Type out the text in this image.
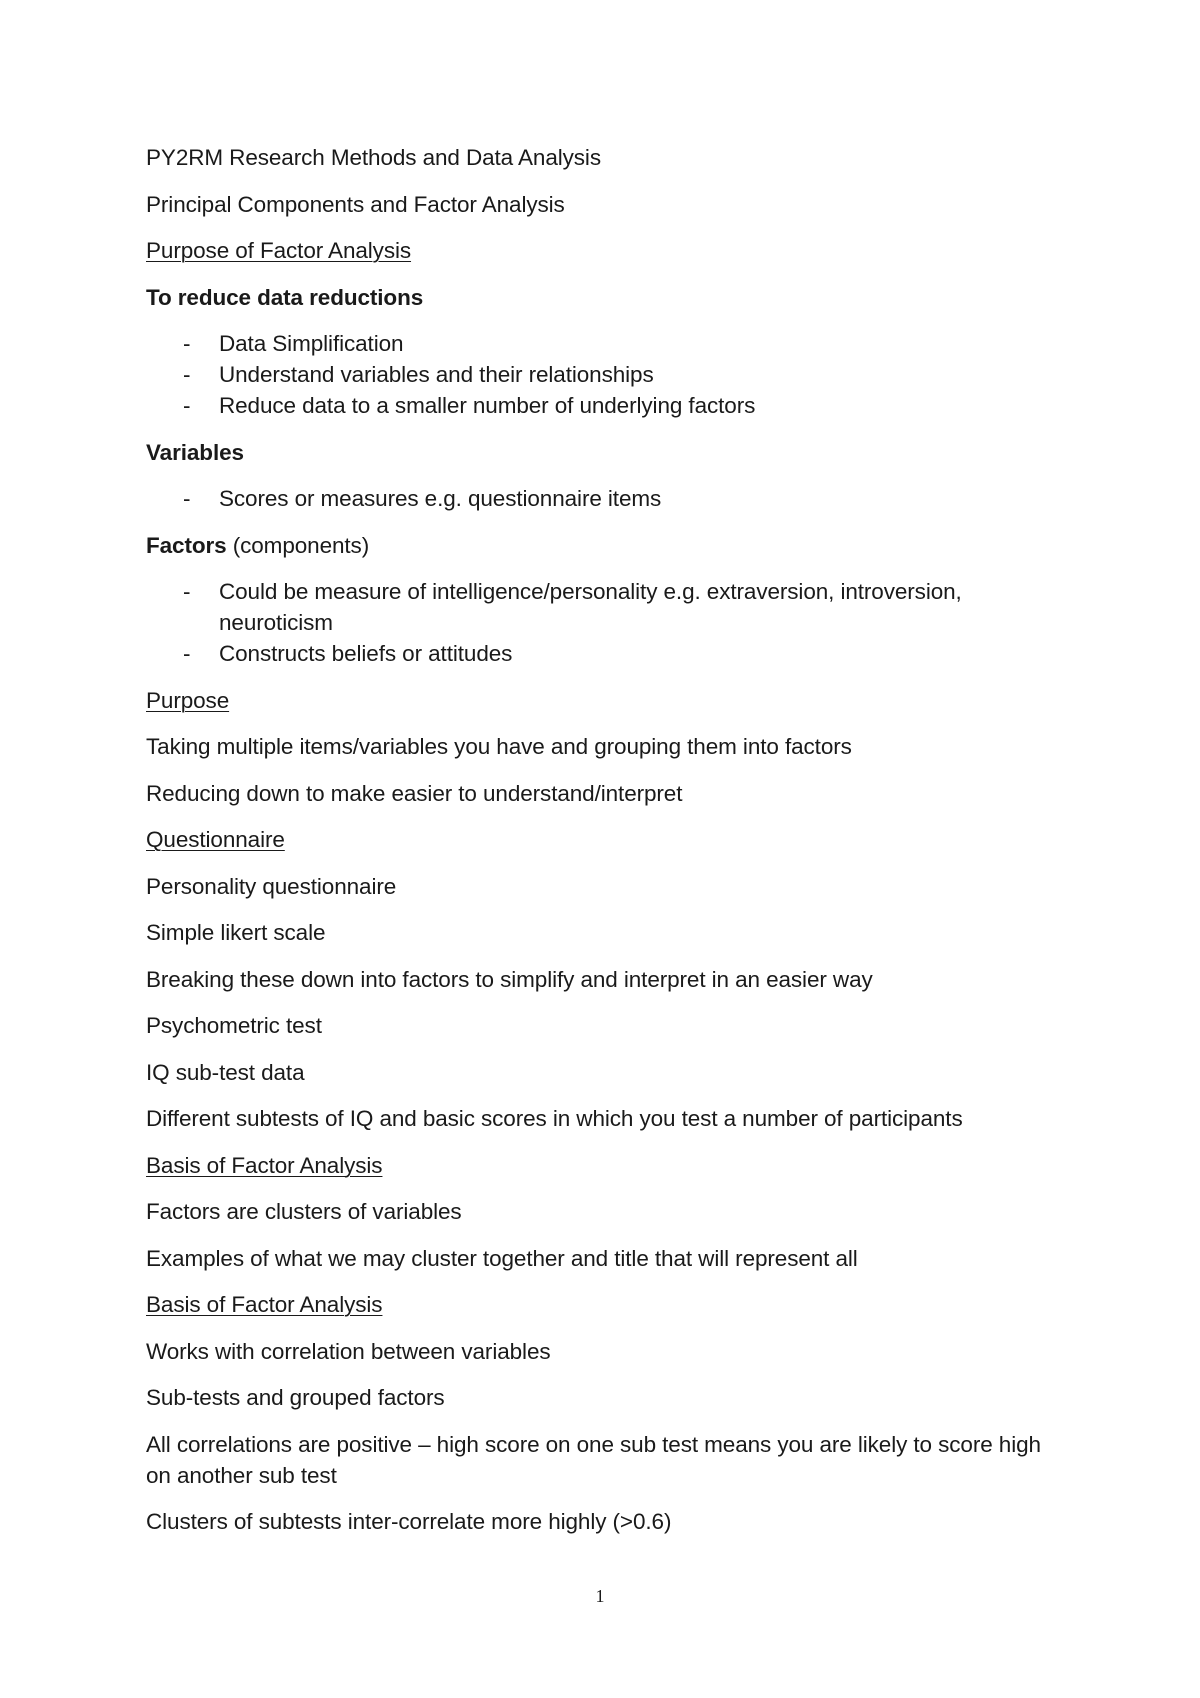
PY2RM Research Methods and Data Analysis

Principal Components and Factor Analysis

Purpose of Factor Analysis

To reduce data reductions

- Data Simplification
- Understand variables and their relationships
- Reduce data to a smaller number of underlying factors

Variables

- Scores or measures e.g. questionnaire items

Factors (components)

- Could be measure of intelligence/personality e.g. extraversion, introversion, neuroticism
- Constructs beliefs or attitudes

Purpose

Taking multiple items/variables you have and grouping them into factors

Reducing down to make easier to understand/interpret

Questionnaire

Personality questionnaire

Simple likert scale

Breaking these down into factors to simplify and interpret in an easier way

Psychometric test

IQ sub-test data

Different subtests of IQ and basic scores in which you test a number of participants

Basis of Factor Analysis

Factors are clusters of variables

Examples of what we may cluster together and title that will represent all

Basis of Factor Analysis

Works with correlation between variables

Sub-tests and grouped factors

All correlations are positive – high score on one sub test means you are likely to score high on another sub test

Clusters of subtests inter-correlate more highly (>0.6)

1
